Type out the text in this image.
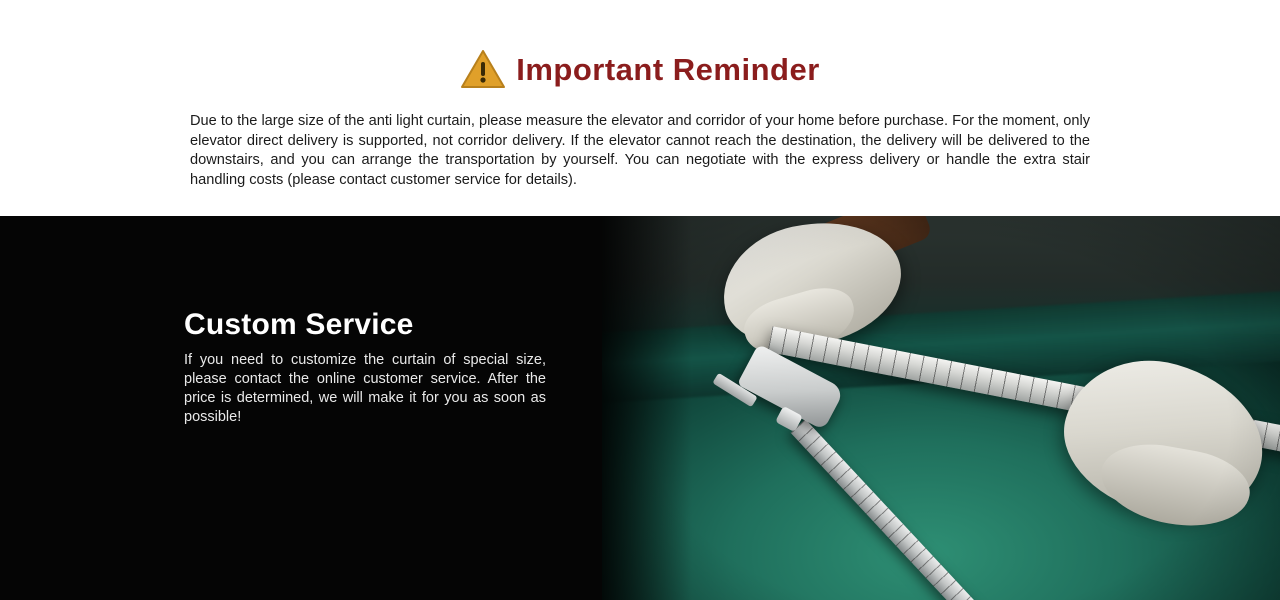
Important Reminder

Due to the large size of the anti light curtain, please measure the elevator and corridor of your home before purchase. For the moment, only elevator direct delivery is supported, not corridor delivery. If the elevator cannot reach the destination, the delivery will be delivered to the downstairs, and you can arrange the transportation by yourself. You can negotiate with the express delivery or handle the extra stair handling costs (please contact customer service for details).

Custom Service

If you need to customize the curtain of special size, please contact the online customer service. After the price is determined, we will make it for you as soon as possible!
